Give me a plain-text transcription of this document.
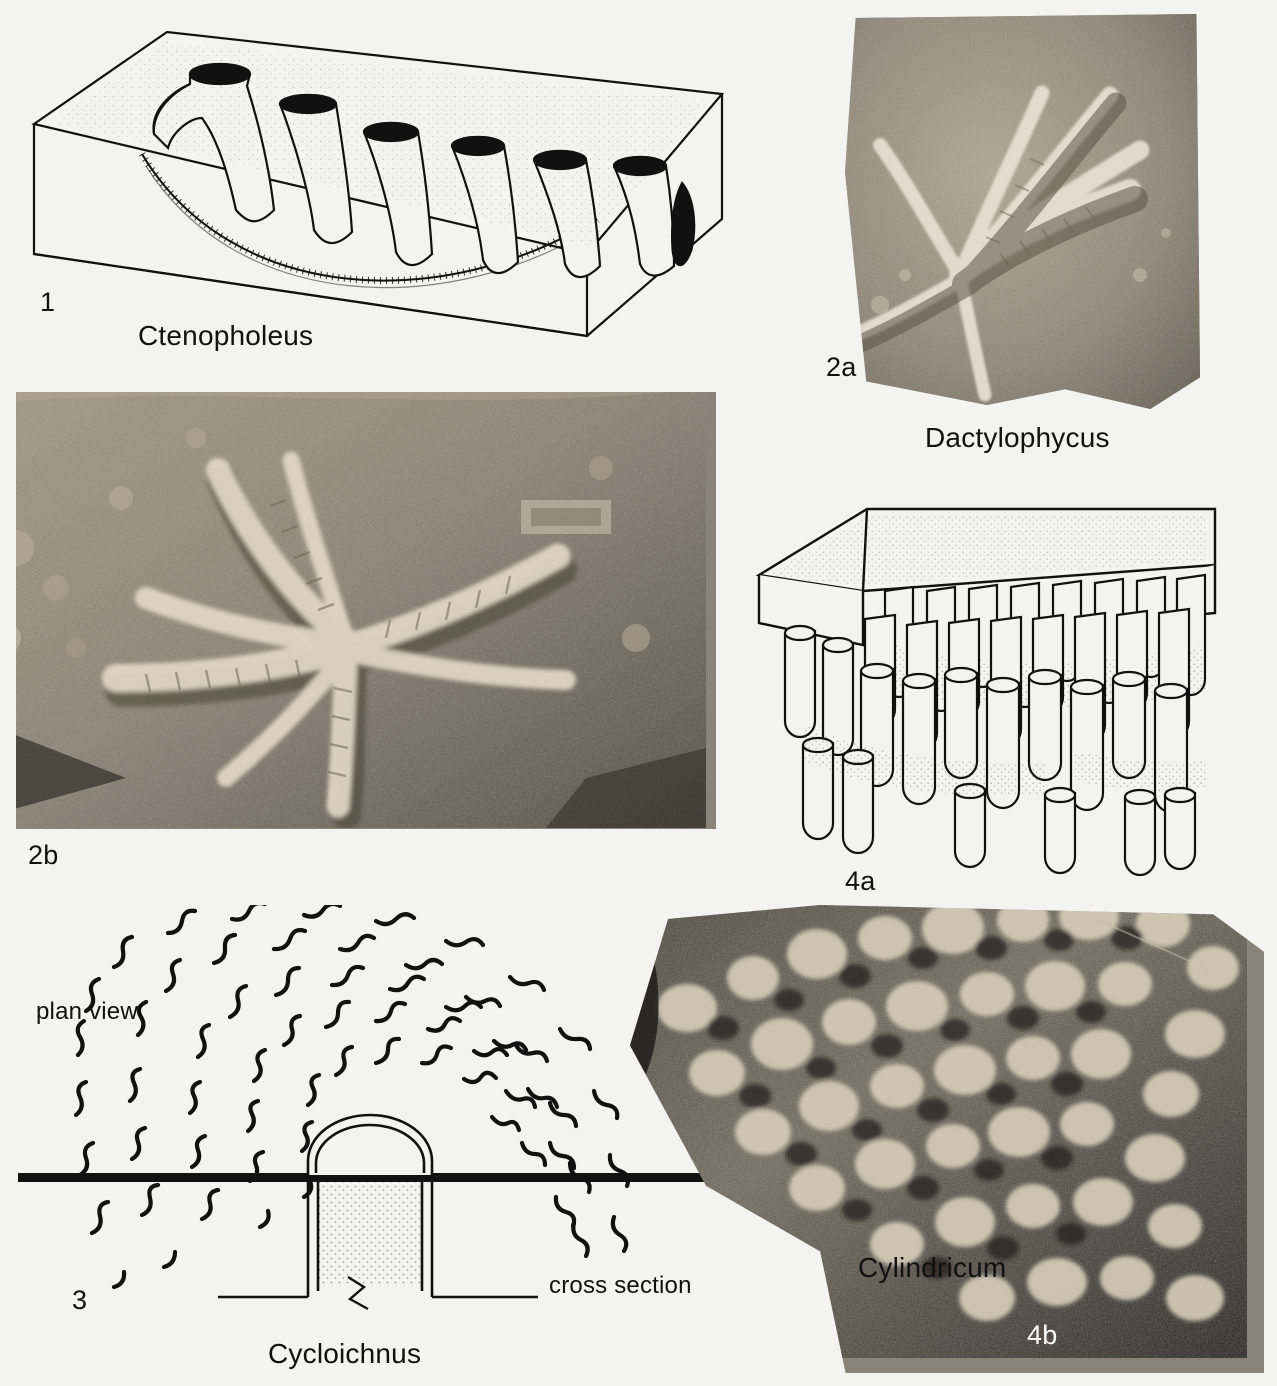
1
Ctenopholeus
2a
Dactylophycus
2b
4a
plan view
cross section
3
Cycloichnus
Cylindricum
4b
